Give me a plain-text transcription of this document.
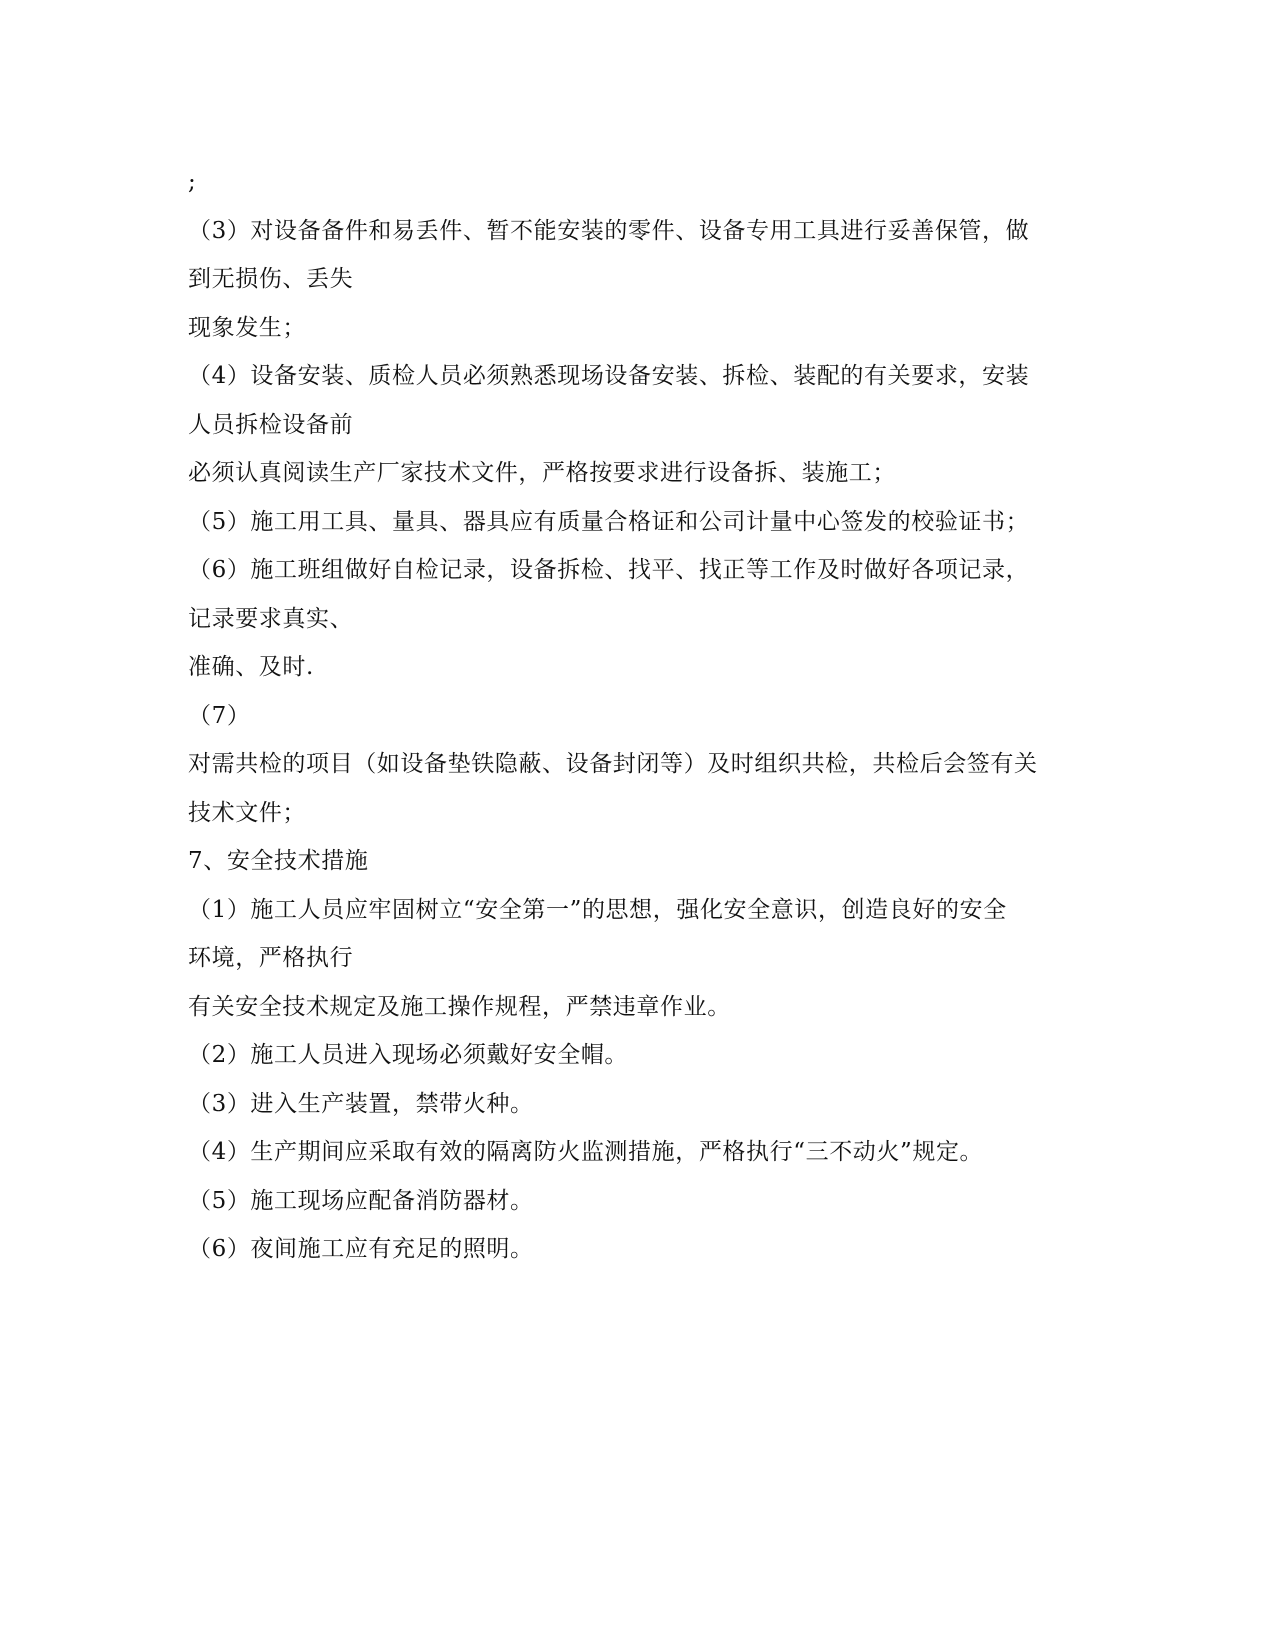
;
（3）对设备备件和易丢件、暂不能安装的零件、设备专用工具进行妥善保管，做
到无损伤、丢失
现象发生；
（4）设备安装、质检人员必须熟悉现场设备安装、拆检、装配的有关要求，安装
人员拆检设备前
必须认真阅读生产厂家技术文件，严格按要求进行设备拆、装施工；
（5）施工用工具、量具、器具应有质量合格证和公司计量中心签发的校验证书；
（6）施工班组做好自检记录，设备拆检、找平、找正等工作及时做好各项记录，
记录要求真实、
准确、及时.
（7）
对需共检的项目（如设备垫铁隐蔽、设备封闭等）及时组织共检，共检后会签有关
技术文件；
7、安全技术措施
（1）施工人员应牢固树立“安全第一”的思想，强化安全意识，创造良好的安全
环境，严格执行
有关安全技术规定及施工操作规程，严禁违章作业。
（2）施工人员进入现场必须戴好安全帽。
（3）进入生产装置，禁带火种。
（4）生产期间应采取有效的隔离防火监测措施，严格执行“三不动火”规定。
（5）施工现场应配备消防器材。
（6）夜间施工应有充足的照明。
